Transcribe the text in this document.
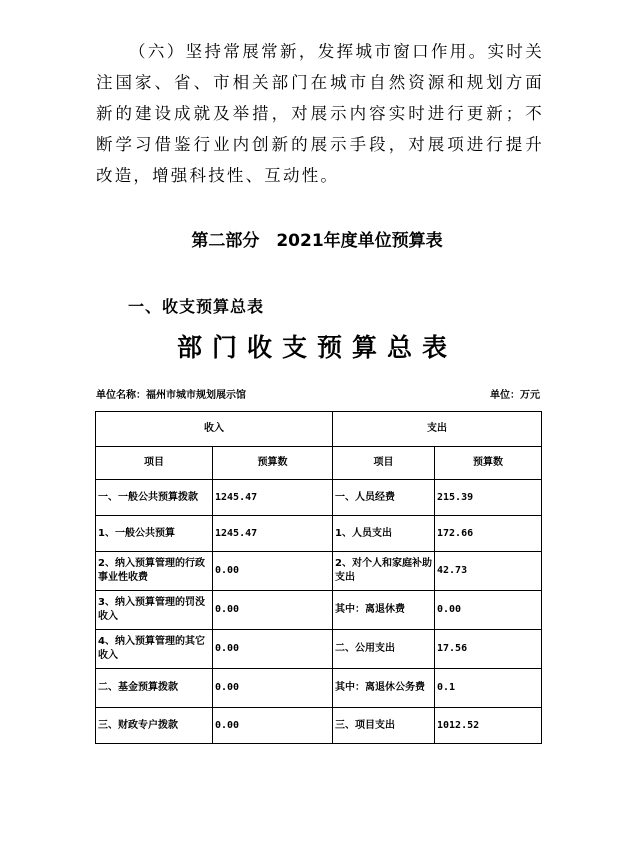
（六）坚持常展常新，发挥城市窗口作用。实时关注国家、省、市相关部门在城市自然资源和规划方面新的建设成就及举措，对展示内容实时进行更新；不断学习借鉴行业内创新的展示手段，对展项进行提升改造，增强科技性、互动性。

第二部分　2021年度单位预算表
一、收支预算总表
部门收支预算总表
单位名称：福州市城市规划展示馆	单位：万元
收入		支出	
项目	预算数	项目	预算数
一、一般公共预算拨款	1245.47	一、人员经费	215.39
1、一般公共预算	1245.47	1、人员支出	172.66
2、纳入预算管理的行政事业性收费	0.00	2、对个人和家庭补助支出	42.73
3、纳入预算管理的罚没收入	0.00	其中：离退休费	0.00
4、纳入预算管理的其它收入	0.00	二、公用支出	17.56
二、基金预算拨款	0.00	其中：离退休公务费	0.1
三、财政专户拨款	0.00	三、项目支出	1012.52
